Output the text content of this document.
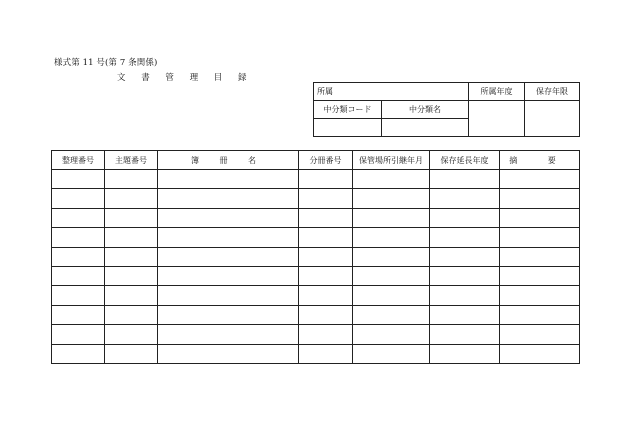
様式第 11 号(第 7 条関係)
文 書 管 理 目 録
所属		所属年度	保存年限
中分類コード	中分類名		

整理番号	主題番号	簿 冊 名	分冊番号	保管場所引継年月	保存延長年度	摘 要
